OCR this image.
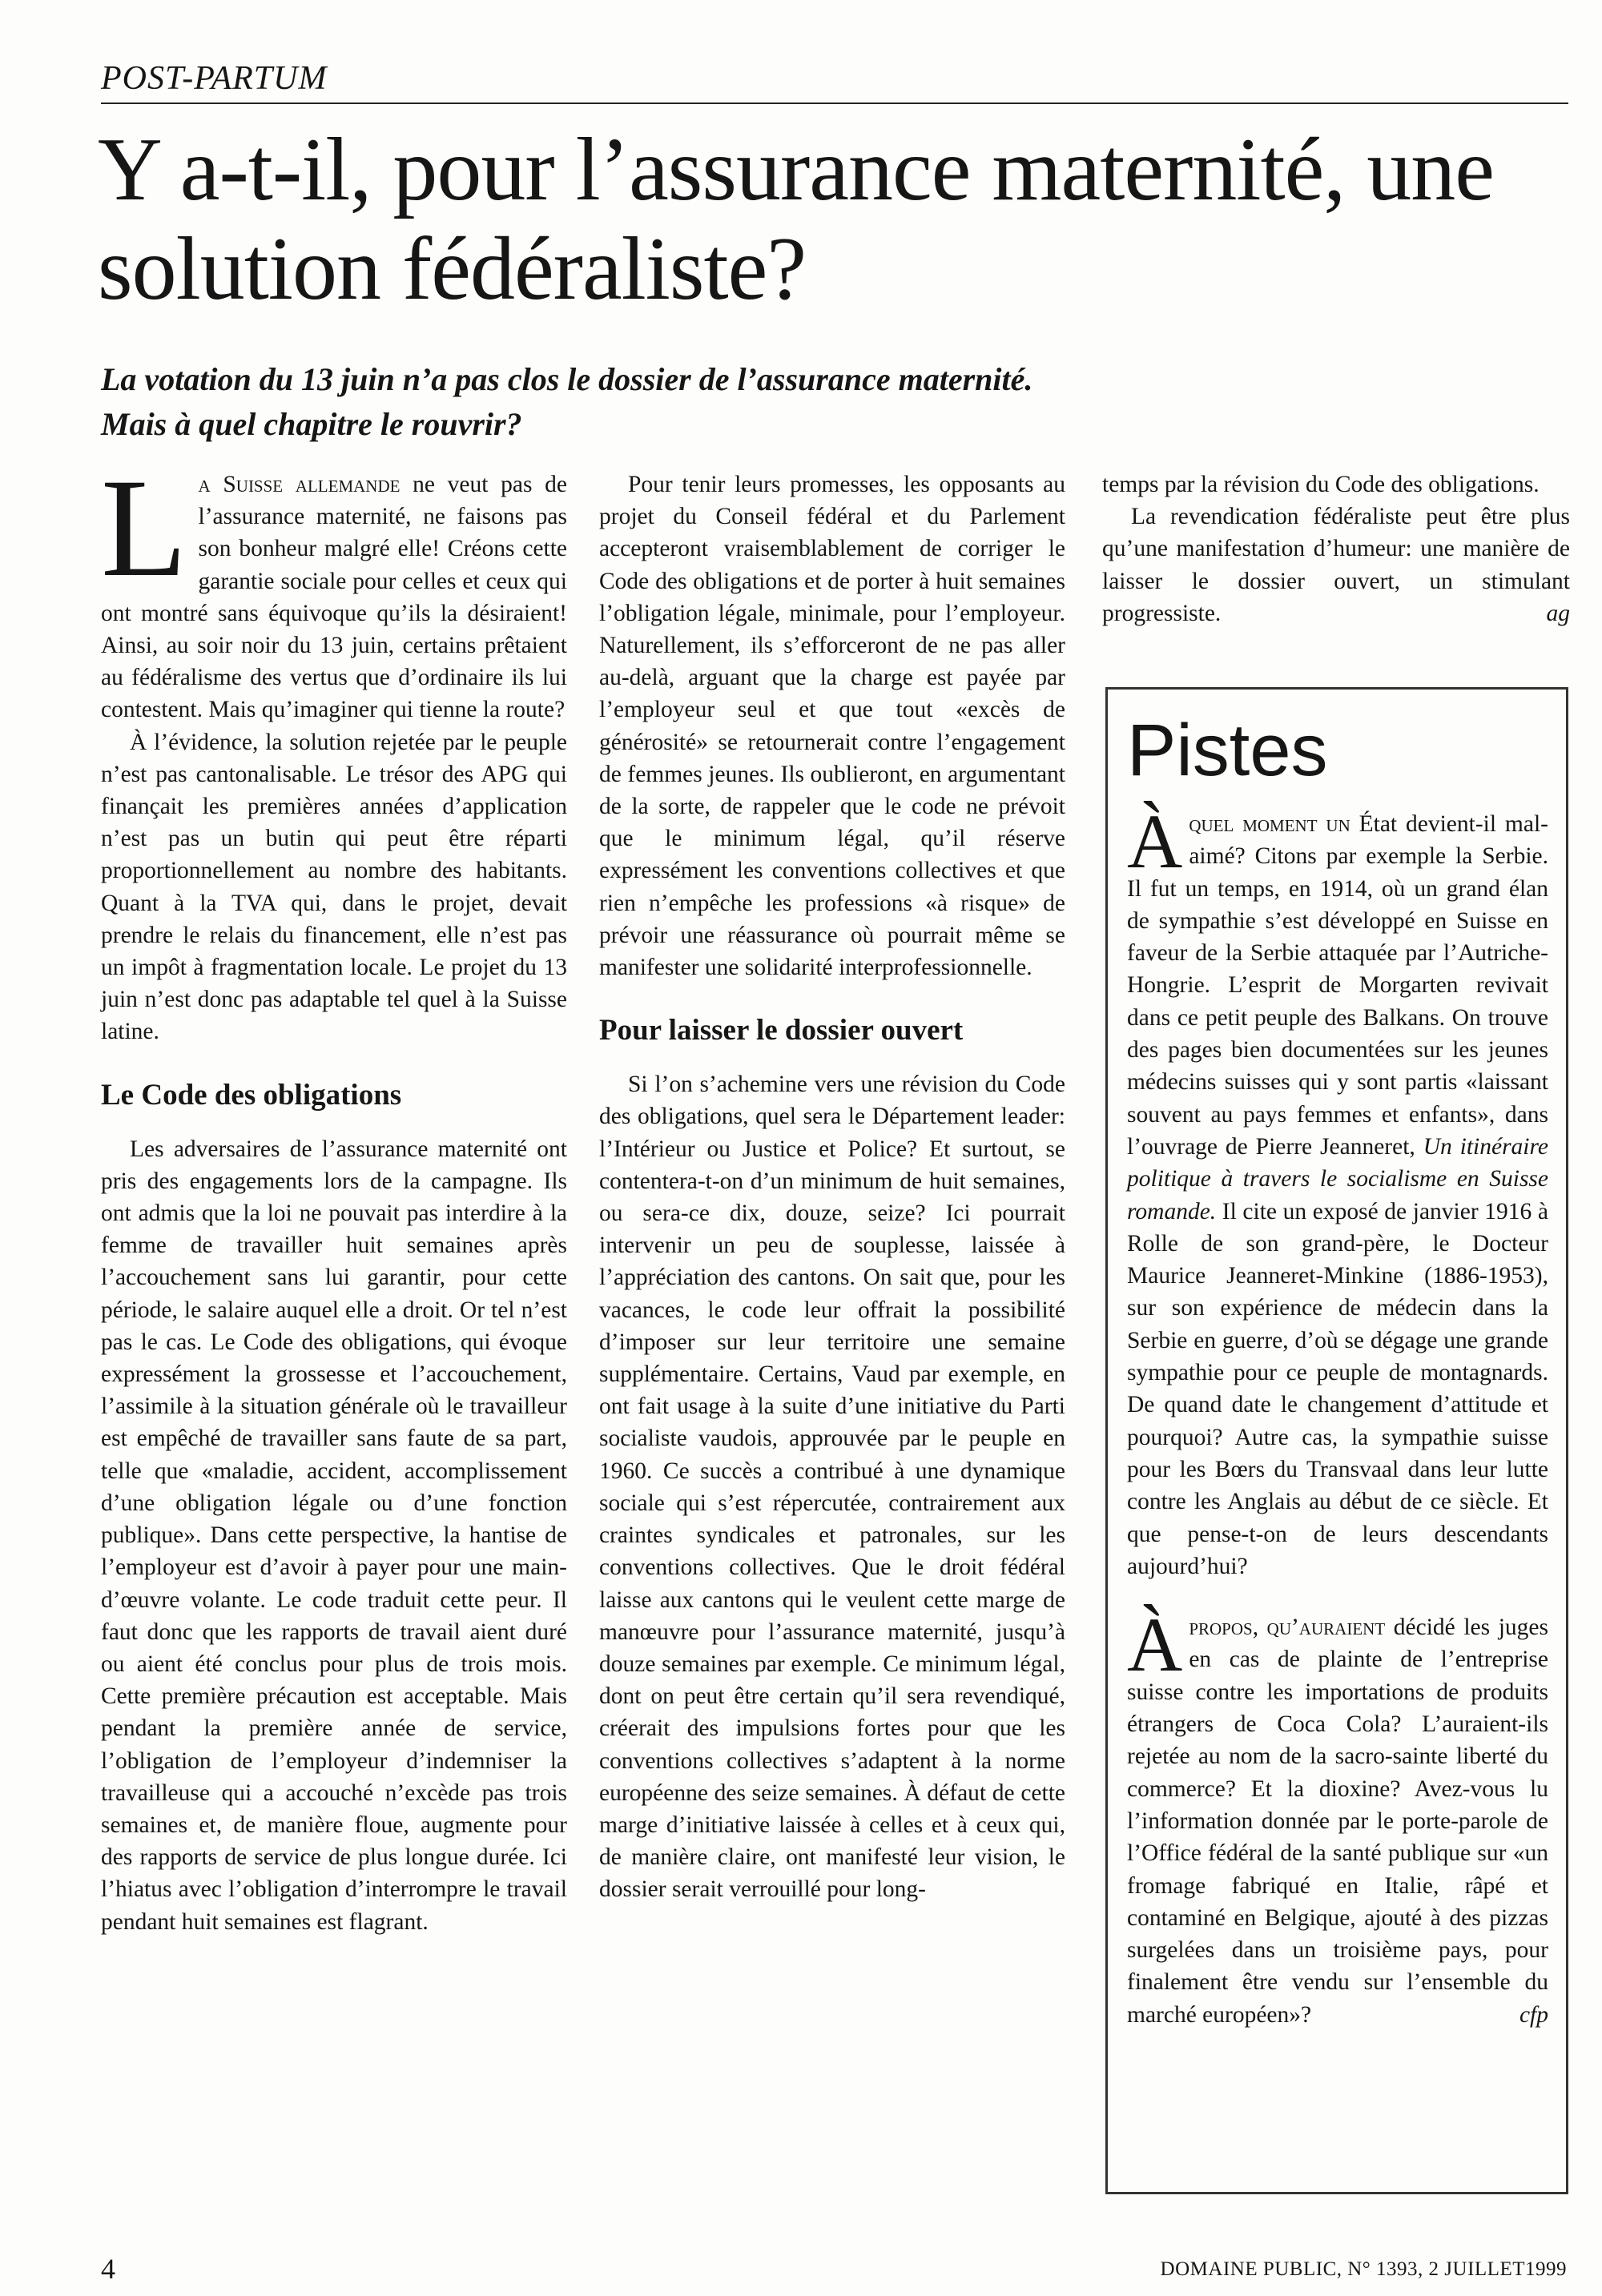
POST-PARTUM
Y a-t-il, pour l’assurance maternité, une solution fédéraliste?
La votation du 13 juin n’a pas clos le dossier de l’assurance maternité.
Mais à quel chapitre le rouvrir?

La Suisse allemande ne veut pas de l’assurance maternité, ne faisons pas son bonheur malgré elle! Créons cette garantie sociale pour celles et ceux qui ont montré sans équivoque qu’ils la désiraient! Ainsi, au soir noir du 13 juin, certains prêtaient au fédéralisme des vertus que d’ordinaire ils lui contestent. Mais qu’imaginer qui tienne la route?

À l’évidence, la solution rejetée par le peuple n’est pas cantonalisable. Le trésor des APG qui finançait les premières années d’application n’est pas un butin qui peut être réparti proportionnellement au nombre des habitants. Quant à la TVA qui, dans le projet, devait prendre le relais du financement, elle n’est pas un impôt à fragmentation locale. Le projet du 13 juin n’est donc pas adaptable tel quel à la Suisse latine.

Le Code des obligations

Les adversaires de l’assurance maternité ont pris des engagements lors de la campagne. Ils ont admis que la loi ne pouvait pas interdire à la femme de travailler huit semaines après l’accouchement sans lui garantir, pour cette période, le salaire auquel elle a droit. Or tel n’est pas le cas. Le Code des obligations, qui évoque expressément la grossesse et l’accouchement, l’assimile à la situation générale où le travailleur est empêché de travailler sans faute de sa part, telle que «maladie, accident, accomplissement d’une obligation légale ou d’une fonction publique». Dans cette perspective, la hantise de l’employeur est d’avoir à payer pour une main-d’œuvre volante. Le code traduit cette peur. Il faut donc que les rapports de travail aient duré ou aient été conclus pour plus de trois mois. Cette première précaution est acceptable. Mais pendant la première année de service, l’obligation de l’employeur d’indemniser la travailleuse qui a accouché n’excède pas trois semaines et, de manière floue, augmente pour des rapports de service de plus longue durée. Ici l’hiatus avec l’obligation d’interrompre le travail pendant huit semaines est flagrant.

Pour tenir leurs promesses, les opposants au projet du Conseil fédéral et du Parlement accepteront vraisemblablement de corriger le Code des obligations et de porter à huit semaines l’obligation légale, minimale, pour l’employeur. Naturellement, ils s’efforceront de ne pas aller au-delà, arguant que la charge est payée par l’employeur seul et que tout «excès de générosité» se retournerait contre l’engagement de femmes jeunes. Ils oublieront, en argumentant de la sorte, de rappeler que le code ne prévoit que le minimum légal, qu’il réserve expressément les conventions collectives et que rien n’empêche les professions «à risque» de prévoir une réassurance où pourrait même se manifester une solidarité interprofessionnelle.

Pour laisser le dossier ouvert

Si l’on s’achemine vers une révision du Code des obligations, quel sera le Département leader: l’Intérieur ou Justice et Police? Et surtout, se contentera-t-on d’un minimum de huit semaines, ou sera-ce dix, douze, seize? Ici pourrait intervenir un peu de souplesse, laissée à l’appréciation des cantons. On sait que, pour les vacances, le code leur offrait la possibilité d’imposer sur leur territoire une semaine supplémentaire. Certains, Vaud par exemple, en ont fait usage à la suite d’une initiative du Parti socialiste vaudois, approuvée par le peuple en 1960. Ce succès a contribué à une dynamique sociale qui s’est répercutée, contrairement aux craintes syndicales et patronales, sur les conventions collectives. Que le droit fédéral laisse aux cantons qui le veulent cette marge de manœuvre pour l’assurance maternité, jusqu’à douze semaines par exemple. Ce minimum légal, dont on peut être certain qu’il sera revendiqué, créerait des impulsions fortes pour que les conventions collectives s’adaptent à la norme européenne des seize semaines. À défaut de cette marge d’initiative laissée à celles et à ceux qui, de manière claire, ont manifesté leur vision, le dossier serait verrouillé pour long-

temps par la révision du Code des obligations.

La revendication fédéraliste peut être plus qu’une manifestation d’humeur: une manière de laisser le dossier ouvert, un stimulant progressiste.	ag

Pistes

Àquel moment un État devient-il mal-aimé? Citons par exemple la Serbie. Il fut un temps, en 1914, où un grand élan de sympathie s’est développé en Suisse en faveur de la Serbie attaquée par l’Autriche-Hongrie. L’esprit de Morgarten revivait dans ce petit peuple des Balkans. On trouve des pages bien documentées sur les jeunes médecins suisses qui y sont partis «laissant souvent au pays femmes et enfants», dans l’ouvrage de Pierre Jeanneret, Un itinéraire politique à travers le socialisme en Suisse romande. Il cite un exposé de janvier 1916 à Rolle de son grand-père, le Docteur Maurice Jeanneret-Minkine (1886-1953), sur son expérience de médecin dans la Serbie en guerre, d’où se dégage une grande sympathie pour ce peuple de montagnards. De quand date le changement d’attitude et pourquoi? Autre cas, la sympathie suisse pour les Bœrs du Transvaal dans leur lutte contre les Anglais au début de ce siècle. Et que pense-t-on de leurs descendants aujourd’hui?

Àpropos, qu’auraient décidé les juges en cas de plainte de l’entreprise suisse contre les importations de produits étrangers de Coca Cola? L’auraient-ils rejetée au nom de la sacro-sainte liberté du commerce? Et la dioxine? Avez-vous lu l’information donnée par le porte-parole de l’Office fédéral de la santé publique sur «un fromage fabriqué en Italie, râpé et contaminé en Belgique, ajouté à des pizzas surgelées dans un troisième pays, pour finalement être vendu sur l’ensemble du marché européen»?	cfp

4	DOMAINE PUBLIC, N° 1393, 2 JUILLET1999
